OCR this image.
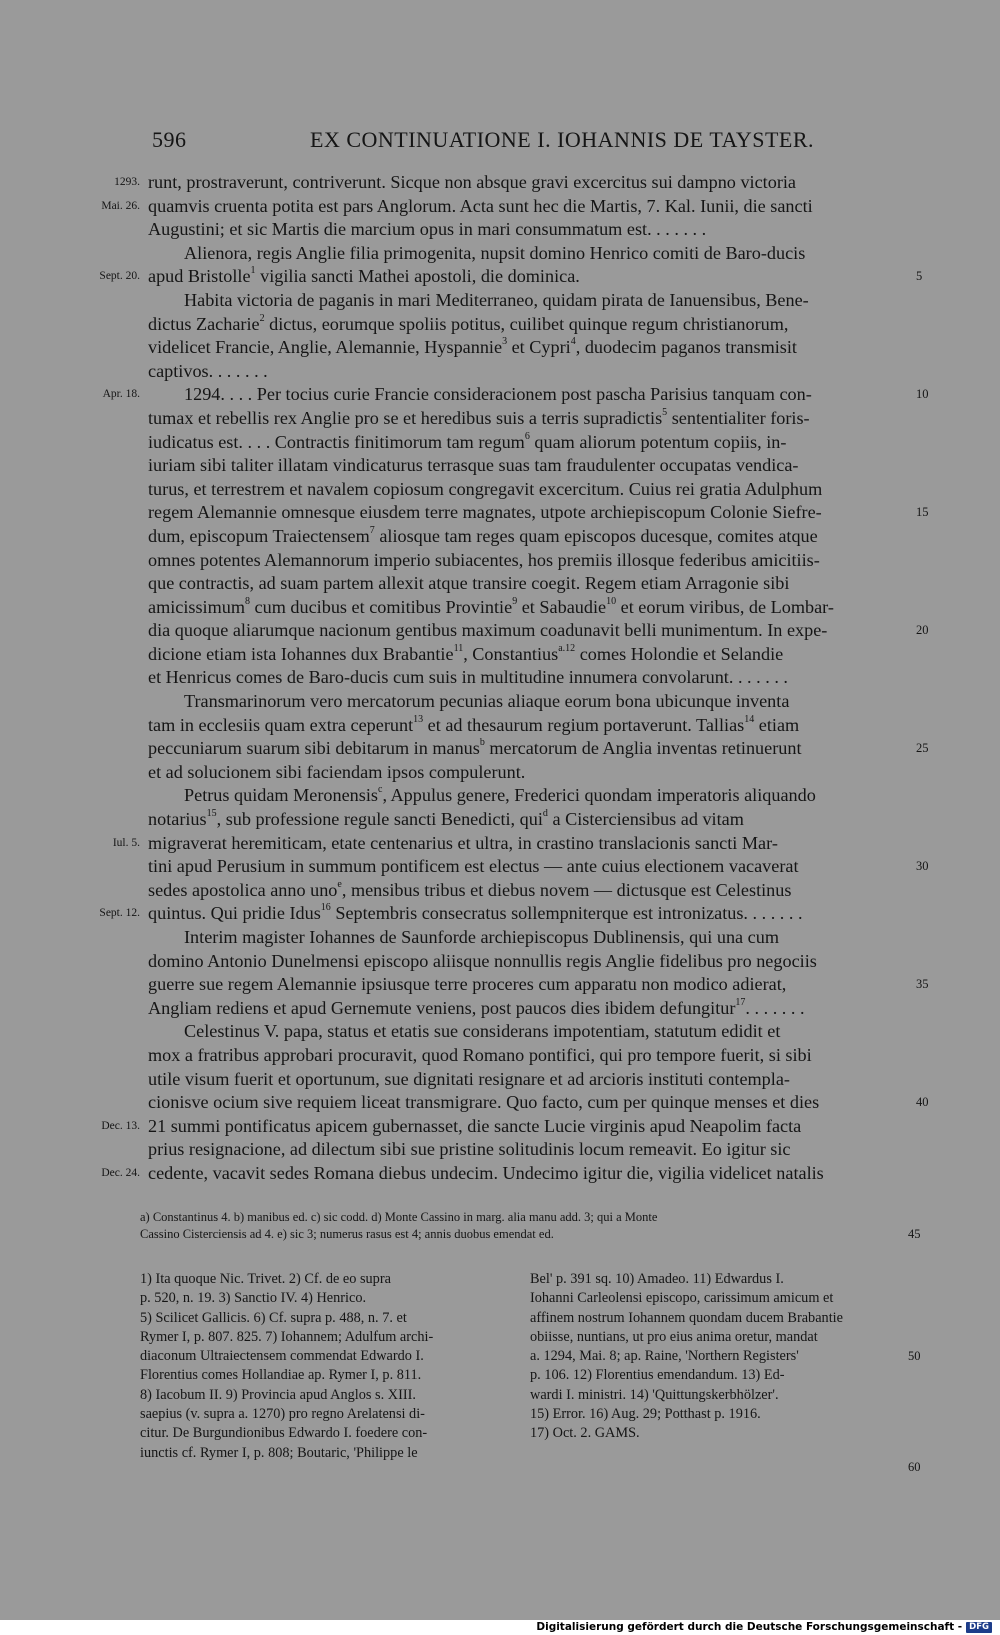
596	EX CONTINUATIONE I. IOHANNIS DE TAYSTER.
1293. runt, prostraverunt, contriverunt. Sicque non absque gravi excercitus sui dampno victoria
Mai. 26. quamvis cruenta potita est pars Anglorum. Acta sunt hec die Martis, 7. Kal. Iunii, die sancti
Augustini; et sic Martis die marcium opus in mari consummatum est. . . . . . .
Alienora, regis Anglie filia primogenita, nupsit domino Henrico comiti de Baro-ducis
Sept. 20. apud Bristolle$^1$ vigilia sancti Mathei apostoli, die dominica.	5
Habita victoria de paganis in mari Mediterraneo, quidam pirata de Ianuensibus, Bene-
dictus Zacharie$^2$ dictus, eorumque spoliis potitus, cuilibet quinque regum christianorum,
videlicet Francie, Anglie, Alemannie, Hyspannie$^3$ et Cypri$^4$, duodecim paganos transmisit
captivos. . . . . . .
Apr. 18. 1294. . . . Per tocius curie Francie consideracionem post pascha Parisius tanquam con-	10
tumax et rebellis rex Anglie pro se et heredibus suis a terris supradictis$^5$ sententialiter foris-
iudicatus est. . . . Contractis finitimorum tam regum$^6$ quam aliorum potentum copiis, in-
iuriam sibi taliter illatam vindicaturus terrasque suas tam fraudulenter occupatas vendica-
turus, et terrestrem et navalem copiosum congregavit excercitum. Cuius rei gratia Adulphum
regem Alemannie omnesque eiusdem terre magnates, utpote archiepiscopum Colonie Siefre-	15
dum, episcopum Traiectensem$^7$ aliosque tam reges quam episcopos ducesque, comites atque
omnes potentes Alemannorum imperio subiacentes, hos premiis illosque federibus amicitiis-
que contractis, ad suam partem allexit atque transire coegit. Regem etiam Arragonie sibi
amicissimum$^8$ cum ducibus et comitibus Provintie$^9$ et Sabaudie$^{10}$ et eorum viribus, de Lombar-
dia quoque aliarumque nacionum gentibus maximum coadunavit belli munimentum. In expe-	20
dicione etiam ista Iohannes dux Brabantie$^{11}$, Constantius$^{a.12}$ comes Holondie et Selandie
et Henricus comes de Baro-ducis cum suis in multitudine innumera convolarunt. . . . . . .
Transmarinorum vero mercatorum pecunias aliaque eorum bona ubicunque inventa
tam in ecclesiis quam extra ceperunt$^{13}$ et ad thesaurum regium portaverunt. Tallias$^{14}$ etiam
peccuniarum suarum sibi debitarum in manus$^b$ mercatorum de Anglia inventas retinuerunt	25
et ad solucionem sibi faciendam ipsos compulerunt.
Petrus quidam Meronensis$^c$, Appulus genere, Frederici quondam imperatoris aliquando
notarius$^{15}$, sub professione regule sancti Benedicti, qui$^d$ a Cisterciensibus ad vitam
Iul. 5. migraverat heremiticam, etate centenarius et ultra, in crastino translacionis sancti Mar-
tini apud Perusium in summum pontificem est electus — ante cuius electionem vacaverat	30
sedes apostolica anno uno$^e$, mensibus tribus et diebus novem — dictusque est Celestinus
Sept. 12. quintus. Qui pridie Idus$^{16}$ Septembris consecratus sollempniterque est intronizatus. . . . . . .
Interim magister Iohannes de Saunforde archiepiscopus Dublinensis, qui una cum
domino Antonio Dunelmensi episcopo aliisque nonnullis regis Anglie fidelibus pro negociis
guerre sue regem Alemannie ipsiusque terre proceres cum apparatu non modico adierat,	35
Angliam rediens et apud Gernemute veniens, post paucos dies ibidem defungitur$^{17}$. . . . . . .
Celestinus V. papa, status et etatis sue considerans impotentiam, statutum edidit et
mox a fratribus approbari procuravit, quod Romano pontifici, qui pro tempore fuerit, si sibi
utile visum fuerit et oportunum, sue dignitati resignare et ad arcioris instituti contempla-
cionisve ocium sive requiem liceat transmigrare. Quo facto, cum per quinque menses et dies	40
Dec. 13. 21 summi pontificatus apicem gubernasset, die sancte Lucie virginis apud Neapolim facta
prius resignacione, ad dilectum sibi sue pristine solitudinis locum remeavit. Eo igitur sic
Dec. 24. cedente, vacavit sedes Romana diebus undecim. Undecimo igitur die, vigilia videlicet natalis
a) Constantinus 4. b) manibus ed. c) sic codd. d) Monte Cassino in marg. alia manu add. 3; qui a Monte
Cassino Cisterciensis ad 4. e) sic 3; numerus rasus est 4; annis duobus emendat ed.	45
1) Ita quoque Nic. Trivet. 2) Cf. de eo supra
p. 520, n. 19. 3) Sanctio IV. 4) Henrico.
5) Scilicet Gallicis. 6) Cf. supra p. 488, n. 7. et
Rymer I, p. 807. 825. 7) Iohannem; Adulfum archi-
diaconum Ultraiectensem commendat Edwardo I.
Florentius comes Hollandiae ap. Rymer I, p. 811.
8) Iacobum II. 9) Provincia apud Anglos s. XIII.
saepius (v. supra a. 1270) pro regno Arelatensi di-
citur. De Burgundionibus Edwardo I. foedere con-
iunctis cf. Rymer I, p. 808; Boutaric, 'Philippe le
Bel' p. 391 sq. 10) Amadeo. 11) Edwardus I.
Iohanni Carleolensi episcopo, carissimum amicum et
affinem nostrum Iohannem quondam ducem Brabantie
obiisse, nuntians, ut pro eius anima oretur, mandat
a. 1294, Mai. 8; ap. Raine, 'Northern Registers'	50
p. 106. 12) Florentius emendandum. 13) Ed-
wardi I. ministri. 14) 'Quittungskerbhölzer'.
15) Error. 16) Aug. 29; Potthast p. 1916.
17) Oct. 2. GAMS.
60
Digitalisierung gefördert durch die Deutsche Forschungsgemeinschaft - DFG
